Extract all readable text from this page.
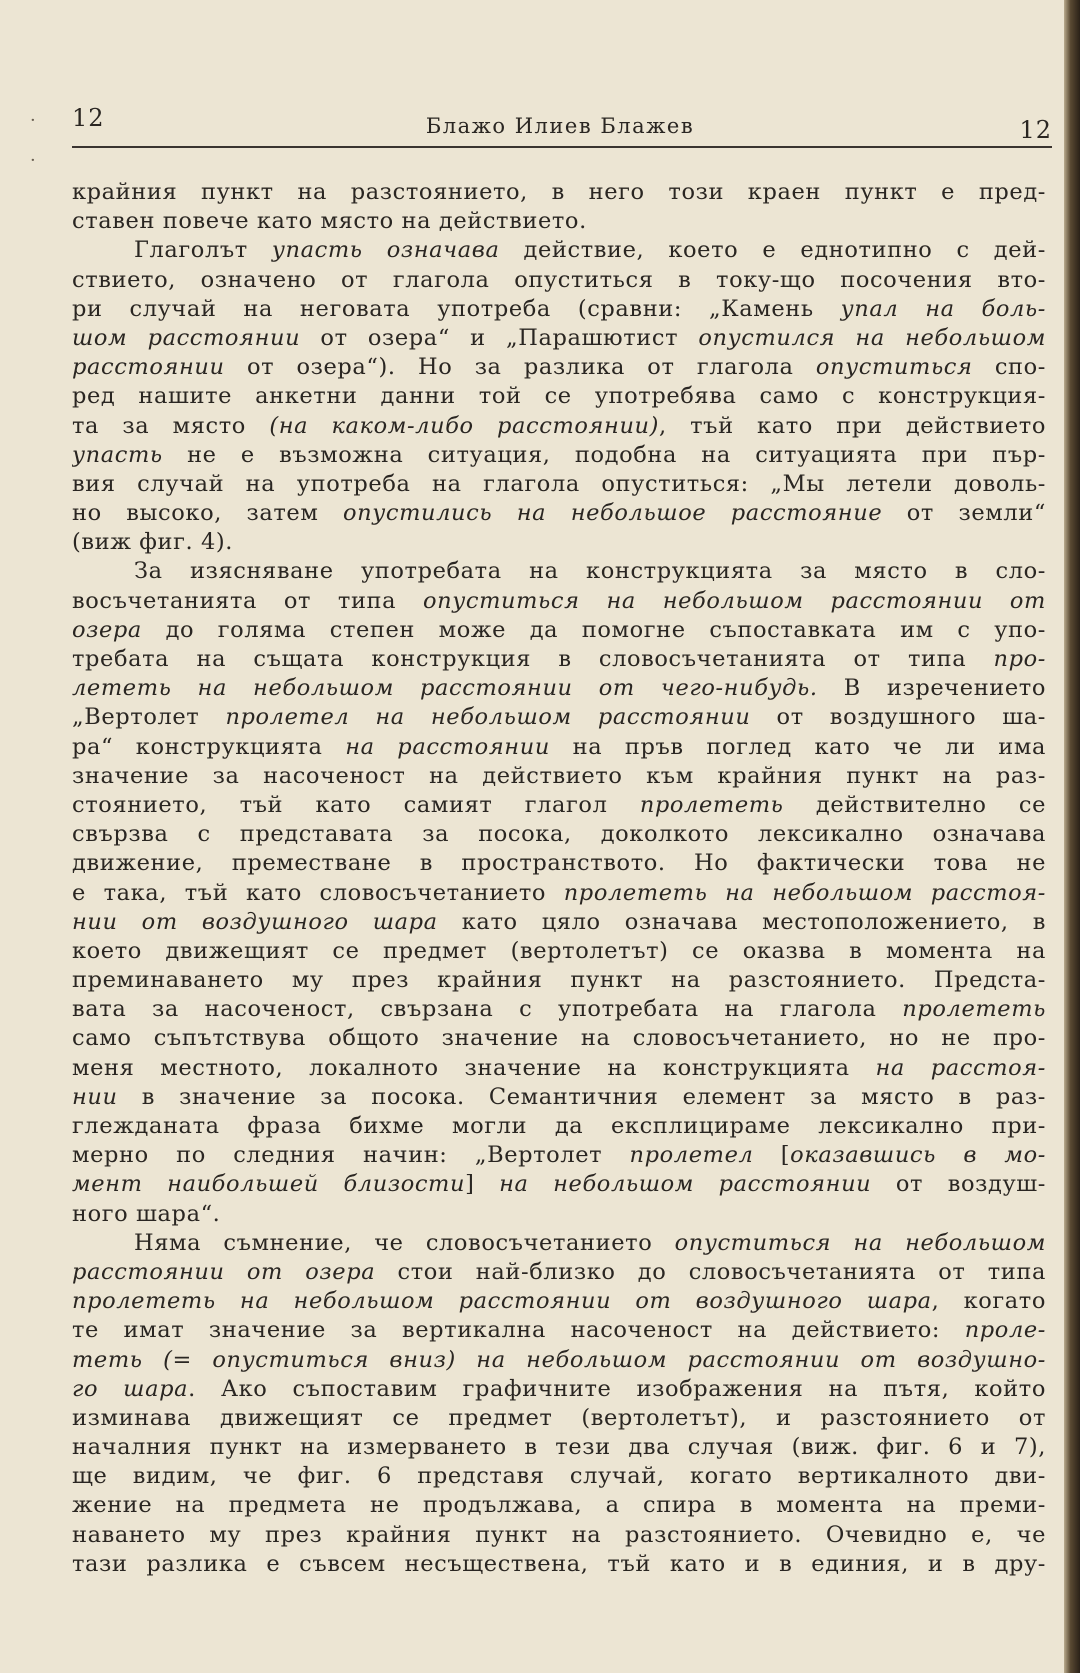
12	Блажо Илиев Блажев	12
·
·
крайния пункт на разстоянието, в него този краен пункт е пред-
ставен повече като място на действието.
Глаголът упасть означава действие, което е еднотипно с дей-
ствието, означено от глагола опуститься в току-що посочения вто-
ри случай на неговата употреба (сравни: „Камень упал на боль-
шом расстоянии от озера“ и „Парашютист опустился на небольшом
расстоянии от озера“). Но за разлика от глагола опуститься спо-
ред нашите анкетни данни той се употребява само с конструкция-
та за място (на каком-либо расстоянии), тъй като при действието
упасть не е възможна ситуация, подобна на ситуацията при пър-
вия случай на употреба на глагола опуститься: „Мы летели доволь-
но высоко, затем опустились на небольшое расстояние от земли“
(виж фиг. 4).
За изясняване употребата на конструкцията за място в сло-
восъчетанията от типа опуститься на небольшом расстоянии от
озера до голяма степен може да помогне съпоставката им с упо-
требата на същата конструкция в словосъчетанията от типа про-
лететь на небольшом расстоянии от чего-нибудь. В изречението
„Вертолет пролетел на небольшом расстоянии от воздушного ша-
ра“ конструкцията на расстоянии на пръв поглед като че ли има
значение за насоченост на действието към крайния пункт на раз-
стоянието, тъй като самият глагол пролететь действително се
свързва с представата за посока, доколкото лексикално означава
движение, преместване в пространството. Но фактически това не
е така, тъй като словосъчетанието пролететь на небольшом расстоя-
нии от воздушного шара като цяло означава местоположението, в
което движещият се предмет (вертолетът) се оказва в момента на
преминаването му през крайния пункт на разстоянието. Предста-
вата за насоченост, свързана с употребата на глагола пролететь
само съпътствува общото значение на словосъчетанието, но не про-
меня местното, локалното значение на конструкцията на расстоя-
нии в значение за посока. Семантичния елемент за място в раз-
глежданата фраза бихме могли да експлицираме лексикално при-
мерно по следния начин: „Вертолет пролетел [оказавшись в мо-
мент наибольшей близости] на небольшом расстоянии от воздуш-
ного шара“.
Няма съмнение, че словосъчетанието опуститься на небольшом
расстоянии от озера стои най-близко до словосъчетанията от типа
пролететь на небольшом расстоянии от воздушного шара, когато
те имат значение за вертикална насоченост на действието: проле-
теть (= опуститься вниз) на небольшом расстоянии от воздушно-
го шара. Ако съпоставим графичните изображения на пътя, който
изминава движещият се предмет (вертолетът), и разстоянието от
началния пункт на измерването в тези два случая (виж. фиг. 6 и 7),
ще видим, че фиг. 6 представя случай, когато вертикалното дви-
жение на предмета не продължава, а спира в момента на преми-
наването му през крайния пункт на разстоянието. Очевидно е, че
тази разлика е съвсем несъществена, тъй като и в единия, и в дру-
